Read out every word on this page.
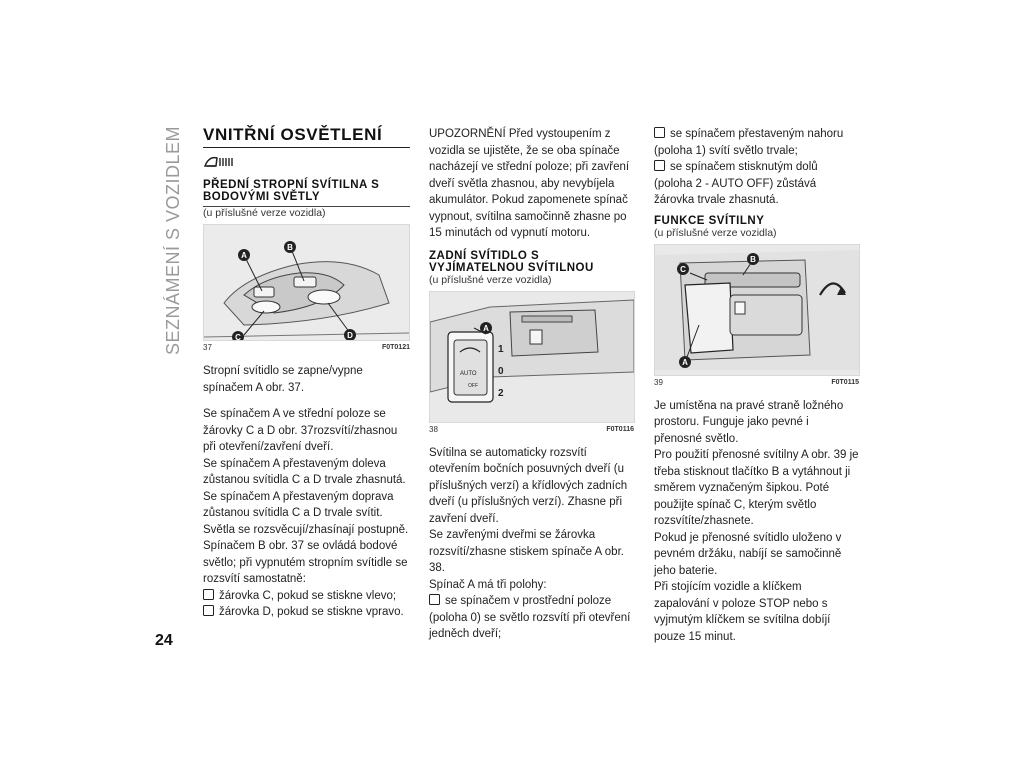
SEZNÁMENÍ S VOZIDLEM
24
VNITŘNÍ OSVĚTLENÍ

PŘEDNÍ STROPNÍ SVÍTILNA S BODOVÝMI SVĚTLY

(u příslušné verze vozidla)

A
B
C	D
37	F0T0121

Stropní svítidlo se zapne/vypne spínačem A obr. 37.

Se spínačem A ve střední poloze se žárovky C a D obr. 37rozsvítí/zhasnou při otevření/zavření dveří.

Se spínačem A přestaveným doleva zůstanou svítidla C a D trvale zhasnutá.

Se spínačem A přestaveným doprava zůstanou svítidla C a D trvale svítit.

Světla se rozsvěcují/zhasínají postupně.

Spínačem B obr. 37 se ovládá bodové světlo; při vypnutém stropním svítidle se rozsvítí samostatně:

žárovka C, pokud se stiskne vlevo;

žárovka D, pokud se stiskne vpravo.

UPOZORNĚNÍ Před vystoupením z vozidla se ujistěte, že se oba spínače nacházejí ve střední poloze; při zavření dveří světla zhasnou, aby nevybíjela akumulátor. Pokud zapomenete spínač vypnout, svítilna samočinně zhasne po 15 minutách od vypnutí motoru.

ZADNÍ SVÍTIDLO S VYJÍMATELNOU SVÍTILNOU

(u příslušné verze vozidla)

AUTO
OFF
1
0
2
A
38	F0T0116

Svítilna se automaticky rozsvítí otevřením bočních posuvných dveří (u příslušných verzí) a křídlových zadních dveří (u příslušných verzí). Zhasne při zavření dveří.

Se zavřenými dveřmi se žárovka rozsvítí/zhasne stiskem spínače A obr. 38.

Spínač A má tři polohy:

se spínačem v prostřední poloze (poloha 0) se světlo rozsvítí při otevření jedněch dveří;

se spínačem přestaveným nahoru (poloha 1) svítí světlo trvale;

se spínačem stisknutým dolů (poloha 2 - AUTO OFF) zůstává žárovka trvale zhasnutá.

FUNKCE SVÍTILNY

(u příslušné verze vozidla)

C
B
A
39	F0T0115

Je umístěna na pravé straně ložného prostoru. Funguje jako pevné i přenosné světlo.

Pro použití přenosné svítilny A obr. 39 je třeba stisknout tlačítko B a vytáhnout ji směrem vyznačeným šipkou. Poté použijte spínač C, kterým světlo rozsvítíte/zhasnete.

Pokud je přenosné svítidlo uloženo v pevném držáku, nabíjí se samočinně jeho baterie.

Při stojícím vozidle a klíčkem zapalování v poloze STOP nebo s vyjmutým klíčkem se svítilna dobíjí pouze 15 minut.
